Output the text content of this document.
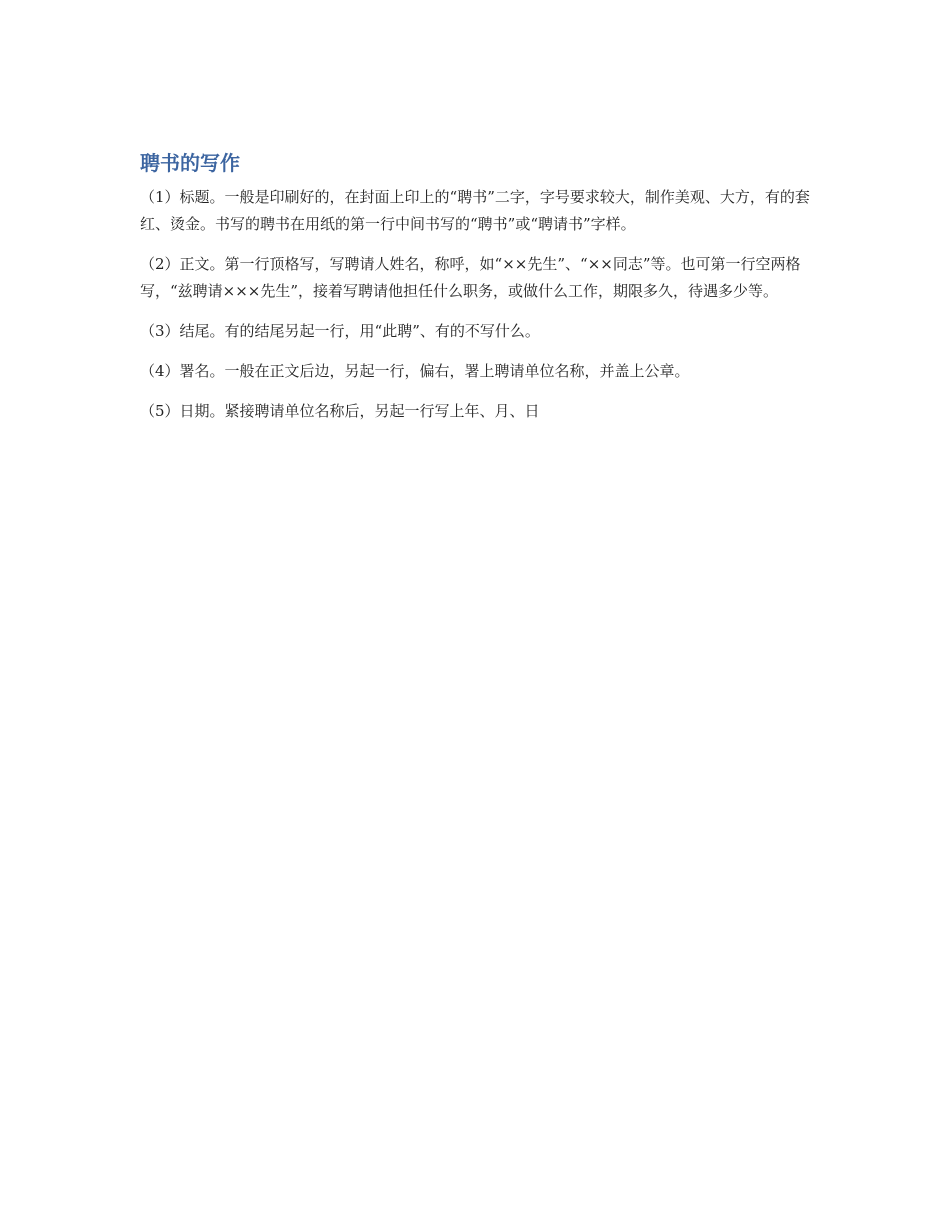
聘书的写作

（1）标题。一般是印刷好的，在封面上印上的“聘书”二字，字号要求较大，制作美观、大方，有的套红、烫金。书写的聘书在用纸的第一行中间书写的“聘书”或“聘请书”字样。

（2）正文。第一行顶格写，写聘请人姓名，称呼，如“××先生”、“××同志”等。也可第一行空两格写，“兹聘请×××先生”，接着写聘请他担任什么职务，或做什么工作，期限多久，待遇多少等。

（3）结尾。有的结尾另起一行，用“此聘”、有的不写什么。

（4）署名。一般在正文后边，另起一行，偏右，署上聘请单位名称，并盖上公章。

（5）日期。紧接聘请单位名称后，另起一行写上年、月、日
